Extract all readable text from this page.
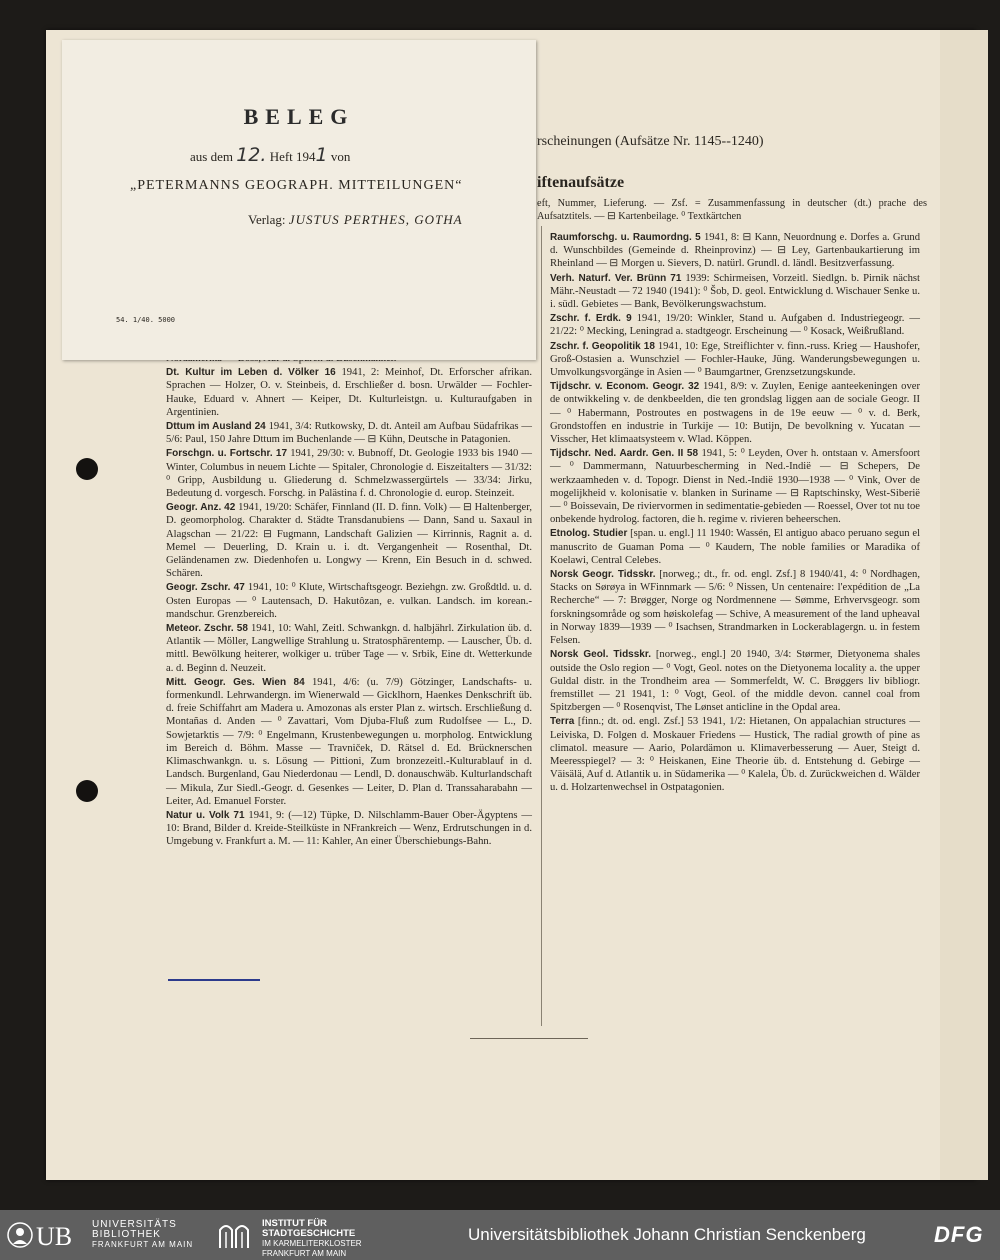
rscheinungen (Aufsätze Nr. 1145--1240)
iftenaufsätze
eft, Nummer, Lieferung. — Zsf. = Zusammenfassung in deutscher (dt.) prache des Aufsatztitels. — ⊟ Kartenbeilage. ⁰ Textkärtchen
Dt. Kultur im Leben d. Völker 16 1941, 2: Meinhof, Dt. Erforscher afrikan. Sprachen — Holzer, O. v. Steinbeis, d. Erschließer d. bosn. Urwälder — Fochler-Hauke, Eduard v. Ahnert — Keiper, Dt. Kulturleistgn. u. Kulturaufgaben in Argentinien.
Dttum im Ausland 24 1941, 3/4: Rutkowsky, D. dt. Anteil am Aufbau Südafrikas — 5/6: Paul, 150 Jahre Dttum im Buchenlande — ⊟ Kühn, Deutsche in Patagonien.
Forschgn. u. Fortschr. 17 1941, 29/30: v. Bubnoff, Dt. Geologie 1933 bis 1940 — Winter, Columbus in neuem Lichte — Spitaler, Chronologie d. Eiszeitalters — 31/32: ⁰ Gripp, Ausbildung u. Gliederung d. Schmelzwassergürtels — 33/34: Jirku, Bedeutung d. vorgesch. Forschg. in Palästina f. d. Chronologie d. europ. Steinzeit.
Geogr. Anz. 42 1941, 19/20: Schäfer, Finnland (II. D. finn. Volk) — ⊟ Haltenberger, D. geomorpholog. Charakter d. Städte Transdanubiens — Dann, Sand u. Saxaul in Alagschan — 21/22: ⊟ Fugmann, Landschaft Galizien — Kirrinnis, Ragnit a. d. Memel — Deuerling, D. Krain u. i. dt. Vergangenheit — Rosenthal, Dt. Geländenamen zw. Diedenhofen u. Longwy — Krenn, Ein Besuch in d. schwed. Schären.
Geogr. Zschr. 47 1941, 10: ⁰ Klute, Wirtschaftsgeogr. Beziehgn. zw. Großdtld. u. d. Osten Europas — ⁰ Lautensach, D. Hakutôzan, e. vulkan. Landsch. im korean.-mandschur. Grenzbereich.
Meteor. Zschr. 58 1941, 10: Wahl, Zeitl. Schwankgn. d. halbjährl. Zirkulation üb. d. Atlantik — Möller, Langwellige Strahlung u. Stratosphärentemp. — Lauscher, Üb. d. mittl. Bewölkung heiterer, wolkiger u. trüber Tage — v. Srbik, Eine dt. Wetterkunde a. d. Beginn d. Neuzeit.
Mitt. Geogr. Ges. Wien 84 1941, 4/6: (u. 7/9) Götzinger, Landschafts- u. formenkundl. Lehrwandergn. im Wienerwald — Gicklhorn, Haenkes Denkschrift üb. d. freie Schiffahrt am Madera u. Amozonas als erster Plan z. wirtsch. Erschließung d. Montañas d. Anden — ⁰ Zavattari, Vom Djuba-Fluß zum Rudolfsee — L., D. Sowjetarktis — 7/9: ⁰ Engelmann, Krustenbewegungen u. morpholog. Entwicklung im Bereich d. Böhm. Masse — Travniček, D. Rätsel d. Ed. Brücknerschen Klimaschwankgn. u. s. Lösung — Pittioni, Zum bronzezeitl.-Kulturablauf in d. Landsch. Burgenland, Gau Niederdonau — Lendl, D. donauschwäb. Kulturlandschaft — Mikula, Zur Siedl.-Geogr. d. Gesenkes — Leiter, D. Plan d. Transsaharabahn — Leiter, Ad. Emanuel Forster.
Natur u. Volk 71 1941, 9: (—12) Tüpke, D. Nilschlamm-Bauer Ober-Ägyptens — 10: Brand, Bilder d. Kreide-Steilküste in NFrankreich — Wenz, Erdrutschungen in d. Umgebung v. Frankfurt a. M. — 11: Kahler, An einer Überschiebungs-Bahn.
Raumforschg. u. Raumordng. 5 1941, 8: ⊟ Kann, Neuordnung e. Dorfes a. Grund d. Wunschbildes (Gemeinde d. Rheinprovinz) — ⊟ Ley, Gartenbaukartierung im Rheinland — ⊟ Morgen u. Sievers, D. natürl. Grundl. d. ländl. Besitzverfassung.
Verh. Naturf. Ver. Brünn 71 1939: Schirmeisen, Vorzeitl. Siedlgn. b. Pirnik nächst Mähr.-Neustadt — 72 1940 (1941): ⁰ Šob, D. geol. Entwicklung d. Wischauer Senke u. i. südl. Gebietes — Bank, Bevölkerungswachstum.
Zschr. f. Erdk. 9 1941, 19/20: Winkler, Stand u. Aufgaben d. Industriegeogr. — 21/22: ⁰ Mecking, Leningrad a. stadtgeogr. Erscheinung — ⁰ Kosack, Weißrußland.
Zschr. f. Geopolitik 18 1941, 10: Ege, Streiflichter v. finn.-russ. Krieg — Haushofer, Groß-Ostasien a. Wunschziel — Fochler-Hauke, Jüng. Wanderungsbewegungen u. Umvolkungsvorgänge in Asien — ⁰ Baumgartner, Grenzsetzungskunde.
Tijdschr. v. Econom. Geogr. 32 1941, 8/9: v. Zuylen, Eenige aanteekeningen over de ontwikkeling v. de denkbeelden, die ten grondslag liggen aan de sociale Geogr. II — ⁰ Habermann, Postroutes en postwagens in de 19e eeuw — ⁰ v. d. Berk, Grondstoffen en industrie in Turkije — 10: Butijn, De bevolkning v. Yucatan — Visscher, Het klimaatsysteem v. Wlad. Köppen.
Tijdschr. Ned. Aardr. Gen. II 58 1941, 5: ⁰ Leyden, Over h. ontstaan v. Amersfoort — ⁰ Dammermann, Natuurbescherming in Ned.-Indië — ⊟ Schepers, De werkzaamheden v. d. Topogr. Dienst in Ned.-Indië 1930—1938 — ⁰ Vink, Over de mogelijkheid v. kolonisatie v. blanken in Suriname — ⊟ Raptschinsky, West-Siberië — ⁰ Boissevain, De riviervormen in sedimentatie-gebieden — Roessel, Over tot nu toe onbekende hydrolog. factoren, die h. regime v. rivieren beheerschen.
Etnolog. Studier [span. u. engl.] 11 1940: Wassén, El antiguo abaco peruano segun el manuscrito de Guaman Poma — ⁰ Kaudern, The noble families or Maradika of Koelawi, Central Celebes.
Norsk Geogr. Tidsskr. [norweg.; dt., fr. od. engl. Zsf.] 8 1940/41, 4: ⁰ Nordhagen, Stacks on Sørøya in WFinnmark — 5/6: ⁰ Nissen, Un centenaire: l'expédition de „La Recherche“ — 7: Brøgger, Norge og Nordmennene — Sømme, Erhvervsgeogr. som forskningsområde og som høiskolefag — Schive, A measurement of the land upheaval in Norway 1839—1939 — ⁰ Isachsen, Strandmarken in Lockerablagergn. u. in festem Felsen.
Norsk Geol. Tidsskr. [norweg., engl.] 20 1940, 3/4: Størmer, Dietyonema shales outside the Oslo region — ⁰ Vogt, Geol. notes on the Dietyonema locality a. the upper Guldal distr. in the Trondheim area — Sommerfeldt, W. C. Brøggers liv bibliogr. fremstillet — 21 1941, 1: ⁰ Vogt, Geol. of the middle devon. cannel coal from Spitzbergen — ⁰ Rosenqvist, The Lønset anticline in the Opdal area.
Terra [finn.; dt. od. engl. Zsf.] 53 1941, 1/2: Hietanen, On appalachian structures — Leiviska, D. Folgen d. Moskauer Friedens — Hustick, The radial growth of pine as climatol. measure — Aario, Polardämon u. Klimaverbesserung — Auer, Steigt d. Meeresspiegel? — 3: ⁰ Heiskanen, Eine Theorie üb. d. Entstehung d. Gebirge — Väisälä, Auf d. Atlantik u. in Südamerika — ⁰ Kalela, Üb. d. Zurückweichen d. Wälder u. d. Holzartenwechsel in Ostpatagonien.
BELEG
aus dem 12. Heft 1941 von
„PETERMANNS GEOGRAPH. MITTEILUNGEN“
Verlag: JUSTUS PERTHES, GOTHA
54. 1/40. 5000
UB UNIVERSITÄTS
BIBLIOTHEK
FRANKFURT AM MAIN
INSTITUT FÜR
STADTGESCHICHTE
IM KARMELITERKLOSTER
FRANKFURT AM MAIN
Universitätsbibliothek Johann Christian Senckenberg	DFG
